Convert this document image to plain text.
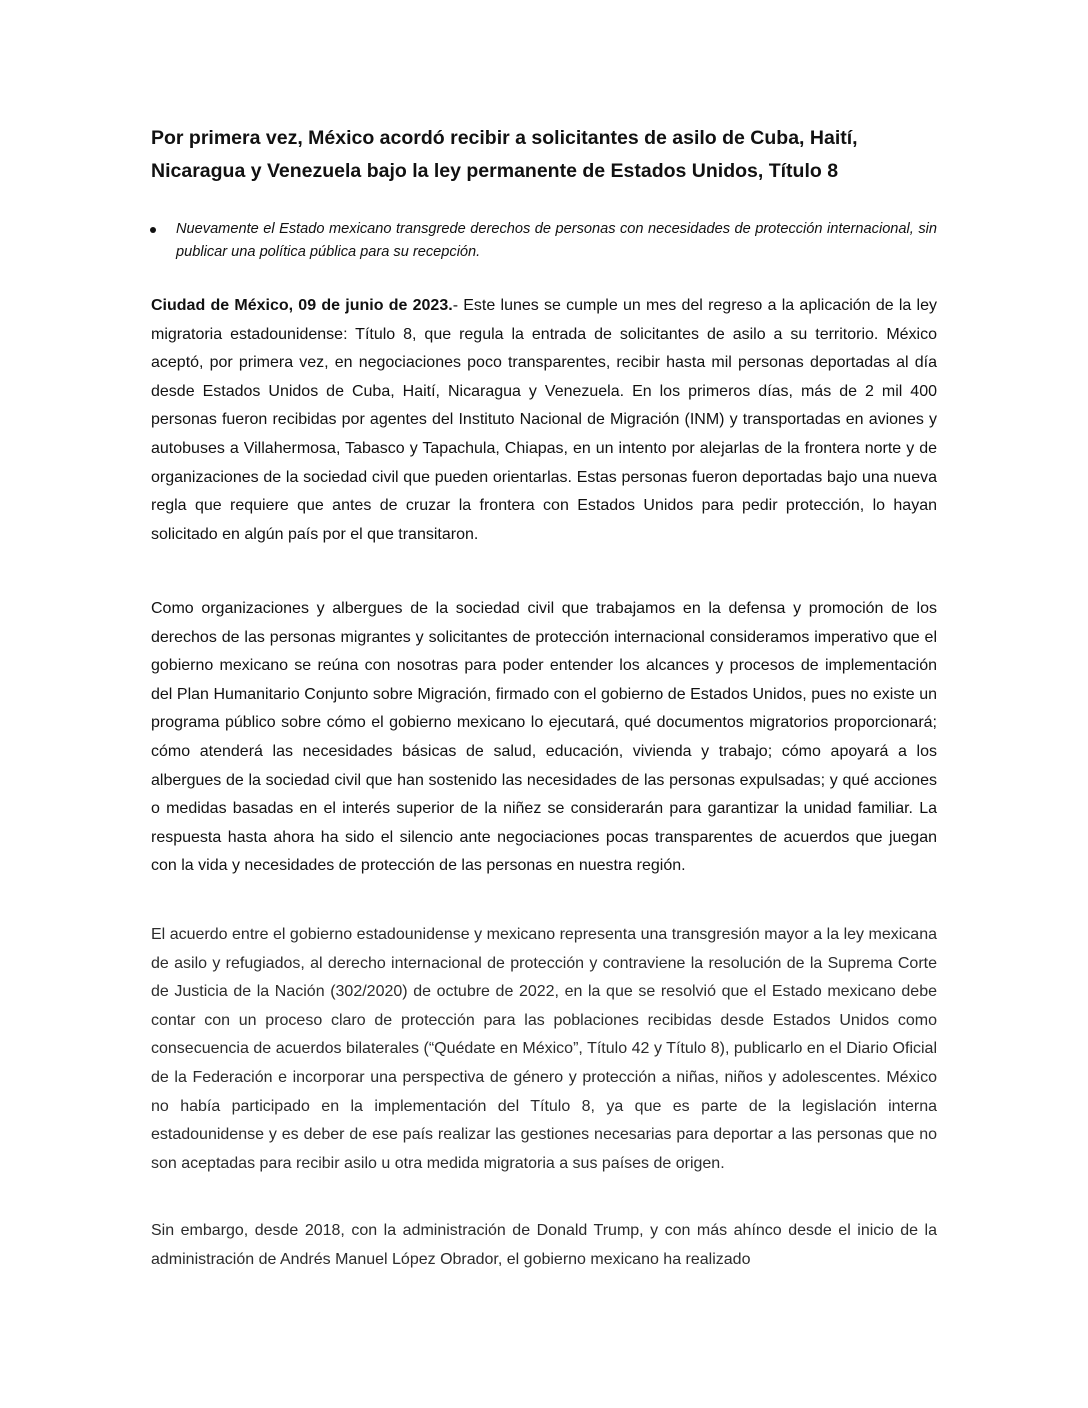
Por primera vez, México acordó recibir a solicitantes de asilo de Cuba, Haití, Nicaragua y Venezuela bajo la ley permanente de Estados Unidos, Título 8
Nuevamente el Estado mexicano transgrede derechos de personas con necesidades de protección internacional, sin publicar una política pública para su recepción.

Ciudad de México, 09 de junio de 2023.- Este lunes se cumple un mes del regreso a la aplicación de la ley migratoria estadounidense: Título 8, que regula la entrada de solicitantes de asilo a su territorio. México aceptó, por primera vez, en negociaciones poco transparentes, recibir hasta mil personas deportadas al día desde Estados Unidos de Cuba, Haití, Nicaragua y Venezuela. En los primeros días, más de 2 mil 400 personas fueron recibidas por agentes del Instituto Nacional de Migración (INM) y transportadas en aviones y autobuses a Villahermosa, Tabasco y Tapachula, Chiapas, en un intento por alejarlas de la frontera norte y de organizaciones de la sociedad civil que pueden orientarlas. Estas personas fueron deportadas bajo una nueva regla que requiere que antes de cruzar la frontera con Estados Unidos para pedir protección, lo hayan solicitado en algún país por el que transitaron.

Como organizaciones y albergues de la sociedad civil que trabajamos en la defensa y promoción de los derechos de las personas migrantes y solicitantes de protección internacional consideramos imperativo que el gobierno mexicano se reúna con nosotras para poder entender los alcances y procesos de implementación del Plan Humanitario Conjunto sobre Migración, firmado con el gobierno de Estados Unidos, pues no existe un programa público sobre cómo el gobierno mexicano lo ejecutará, qué documentos migratorios proporcionará; cómo atenderá las necesidades básicas de salud, educación, vivienda y trabajo; cómo apoyará a los albergues de la sociedad civil que han sostenido las necesidades de las personas expulsadas; y qué acciones o medidas basadas en el interés superior de la niñez se considerarán para garantizar la unidad familiar. La respuesta hasta ahora ha sido el silencio ante negociaciones pocas transparentes de acuerdos que juegan con la vida y necesidades de protección de las personas en nuestra región.

El acuerdo entre el gobierno estadounidense y mexicano representa una transgresión mayor a la ley mexicana de asilo y refugiados, al derecho internacional de protección y contraviene la resolución de la Suprema Corte de Justicia de la Nación (302/2020) de octubre de 2022, en la que se resolvió que el Estado mexicano debe contar con un proceso claro de protección para las poblaciones recibidas desde Estados Unidos como consecuencia de acuerdos bilaterales (“Quédate en México”, Título 42 y Título 8), publicarlo en el Diario Oficial de la Federación e incorporar una perspectiva de género y protección a niñas, niños y adolescentes. México no había participado en la implementación del Título 8, ya que es parte de la legislación interna estadounidense y es deber de ese país realizar las gestiones necesarias para deportar a las personas que no son aceptadas para recibir asilo u otra medida migratoria a sus países de origen.

Sin embargo, desde 2018, con la administración de Donald Trump, y con más ahínco desde el inicio de la administración de Andrés Manuel López Obrador, el gobierno mexicano ha realizado
